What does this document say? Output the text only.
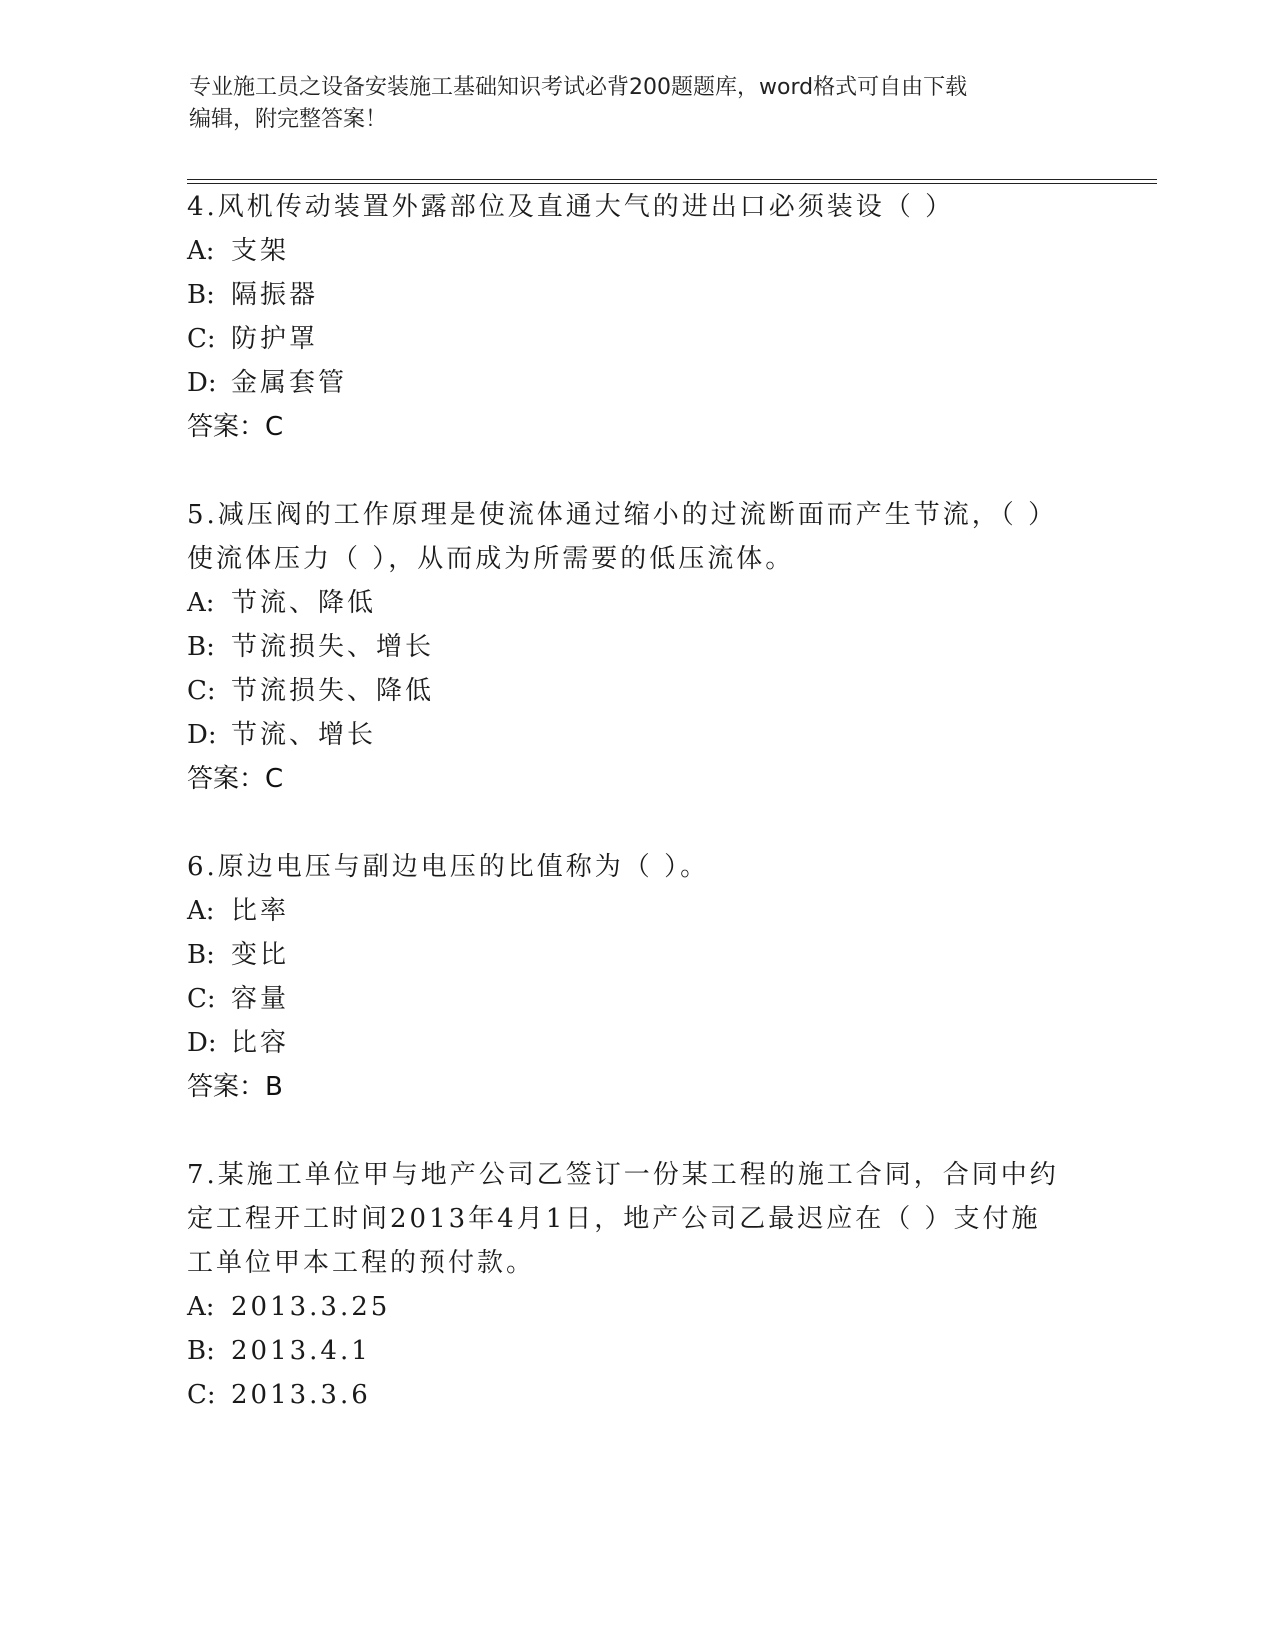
专业施工员之设备安装施工基础知识考试必背200题题库，word格式可自由下载
编辑，附完整答案！
4.风机传动装置外露部位及直通大气的进出口必须装设（ ）
A: 支架
B: 隔振器
C: 防护罩
D: 金属套管
答案：C
5.减压阀的工作原理是使流体通过缩小的过流断面而产生节流，（ ）
使流体压力（ ），从而成为所需要的低压流体。
A: 节流、降低
B: 节流损失、增长
C: 节流损失、降低
D: 节流、增长
答案：C
6.原边电压与副边电压的比值称为（ ）。
A: 比率
B: 变比
C: 容量
D: 比容
答案：B
7.某施工单位甲与地产公司乙签订一份某工程的施工合同，合同中约
定工程开工时间2013年4月1日，地产公司乙最迟应在（ ）支付施
工单位甲本工程的预付款。
A: 2013.3.25
B: 2013.4.1
C: 2013.3.6
